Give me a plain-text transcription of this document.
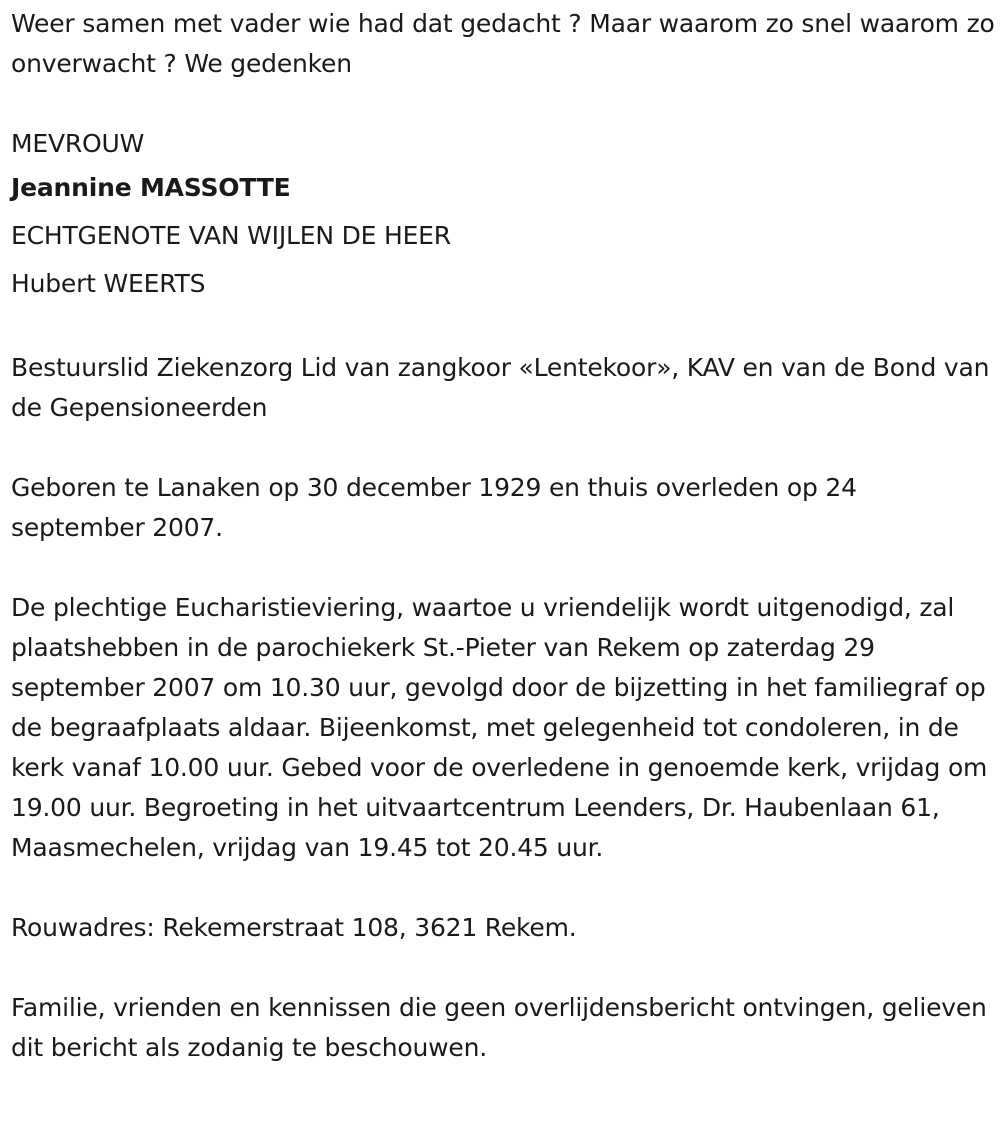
Weer samen met vader wie had dat gedacht ? Maar waarom zo snel waarom zo onverwacht ? We gedenken

MEVROUW

Jeannine MASSOTTE

ECHTGENOTE VAN WIJLEN DE HEER

Hubert WEERTS

Bestuurslid Ziekenzorg Lid van zangkoor «Lentekoor», KAV en van de Bond van de Gepensioneerden

Geboren te Lanaken op 30 december 1929 en thuis overleden op 24 september 2007.

De plechtige Eucharistieviering, waartoe u vriendelijk wordt uitgenodigd, zal plaatshebben in de parochiekerk St.-Pieter van Rekem op zaterdag 29 september 2007 om 10.30 uur, gevolgd door de bijzetting in het familiegraf op de begraafplaats aldaar. Bijeenkomst, met gelegenheid tot condoleren, in de kerk vanaf 10.00 uur. Gebed voor de overledene in genoemde kerk, vrijdag om 19.00 uur. Begroeting in het uitvaartcentrum Leenders, Dr. Haubenlaan 61, Maasmechelen, vrijdag van 19.45 tot 20.45 uur.

Rouwadres: Rekemerstraat 108, 3621 Rekem.

Familie, vrienden en kennissen die geen overlijdensbericht ontvingen, gelieven dit bericht als zodanig te beschouwen.
